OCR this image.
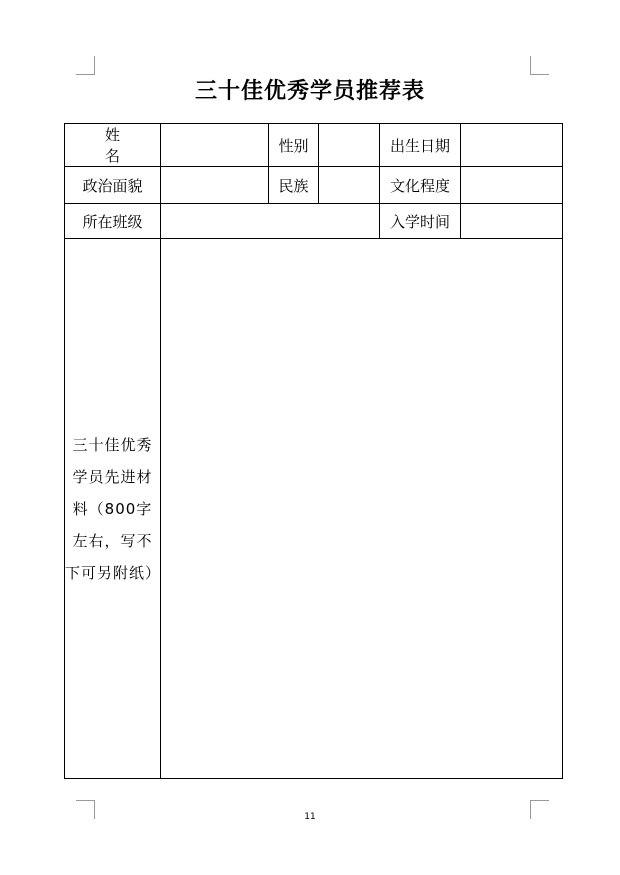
三十佳优秀学员推荐表
姓名		性别		出生日期	
政治面貌		民族		文化程度	
所在班级				入学时间	
三十佳优秀学员先进材料（800字左右，写不下可另附纸）					
11
